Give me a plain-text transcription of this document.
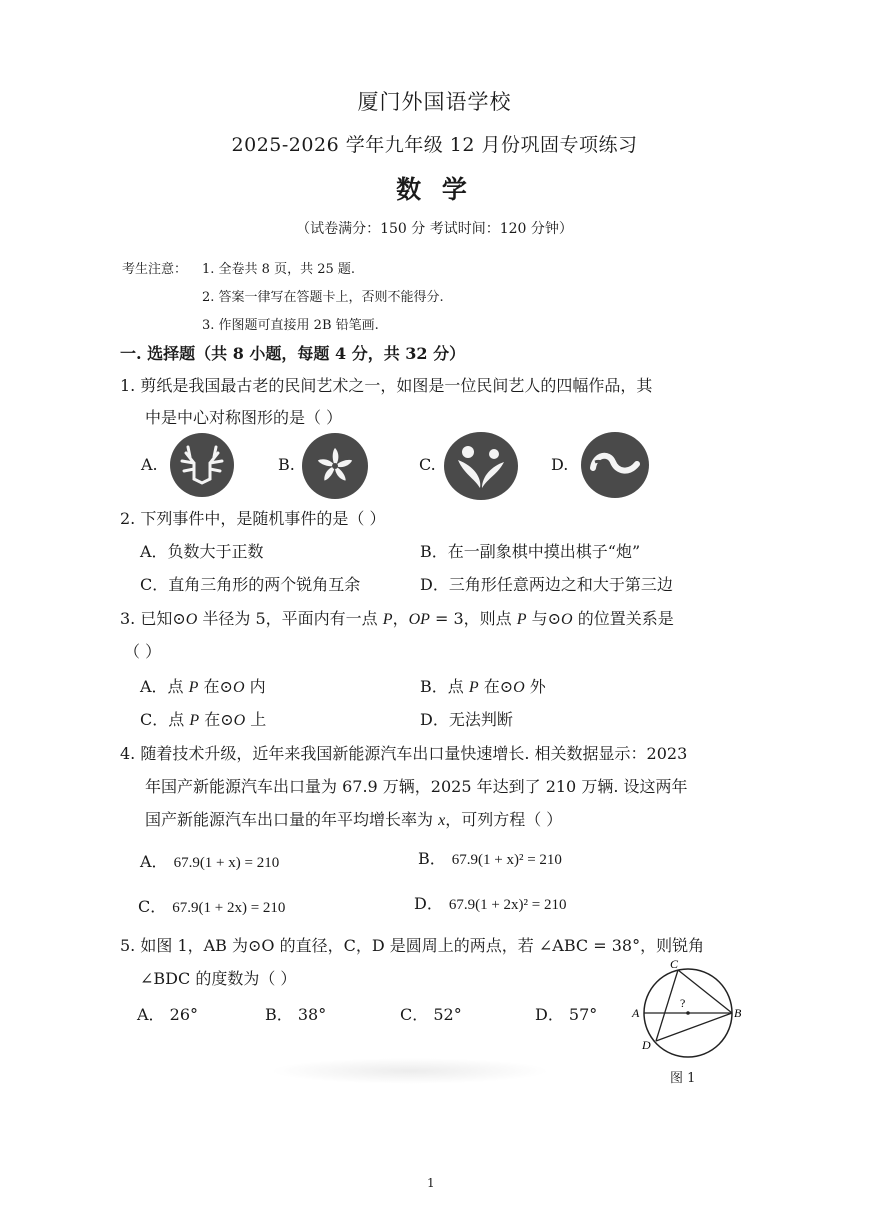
厦门外国语学校
2025-2026 学年九年级 12 月份巩固专项练习
数 学
（试卷满分：150 分 考试时间：120 分钟）
考生注意： 1. 全卷共 8 页，共 25 题.
2. 答案一律写在答题卡上，否则不能得分.
3. 作图题可直接用 2B 铅笔画.
一. 选择题（共 8 小题，每题 4 分，共 32 分）
1. 剪纸是我国最古老的民间艺术之一，如图是一位民间艺人的四幅作品，其
中是中心对称图形的是（ ）
A.	B.	C.	D.
2. 下列事件中，是随机事件的是（ ）
A．负数大于正数	B．在一副象棋中摸出棋子“炮”
C．直角三角形的两个锐角互余	D．三角形任意两边之和大于第三边
3. 已知⊙O 半径为 5，平面内有一点 P，OP = 3，则点 P 与⊙O 的位置关系是
（ ）
A．点 P 在⊙O 内	B．点 P 在⊙O 外
C．点 P 在⊙O 上	D．无法判断
4. 随着技术升级，近年来我国新能源汽车出口量快速增长. 相关数据显示：2023
年国产新能源汽车出口量为 67.9 万辆，2025 年达到了 210 万辆. 设这两年
国产新能源汽车出口量的年平均增长率为 x，可列方程（ ）
A． 67.9(1 + x) = 210	B． 67.9(1 + x)² = 210
C． 67.9(1 + 2x) = 210	D． 67.9(1 + 2x)² = 210
5. 如图 1，AB 为⊙O 的直径，C，D 是圆周上的两点，若 ∠ABC = 38°，则锐角
∠BDC 的度数为（ ）
A． 26°	B． 38°	C． 52°	D． 57°
C
A	B
D
?
图 1
1
